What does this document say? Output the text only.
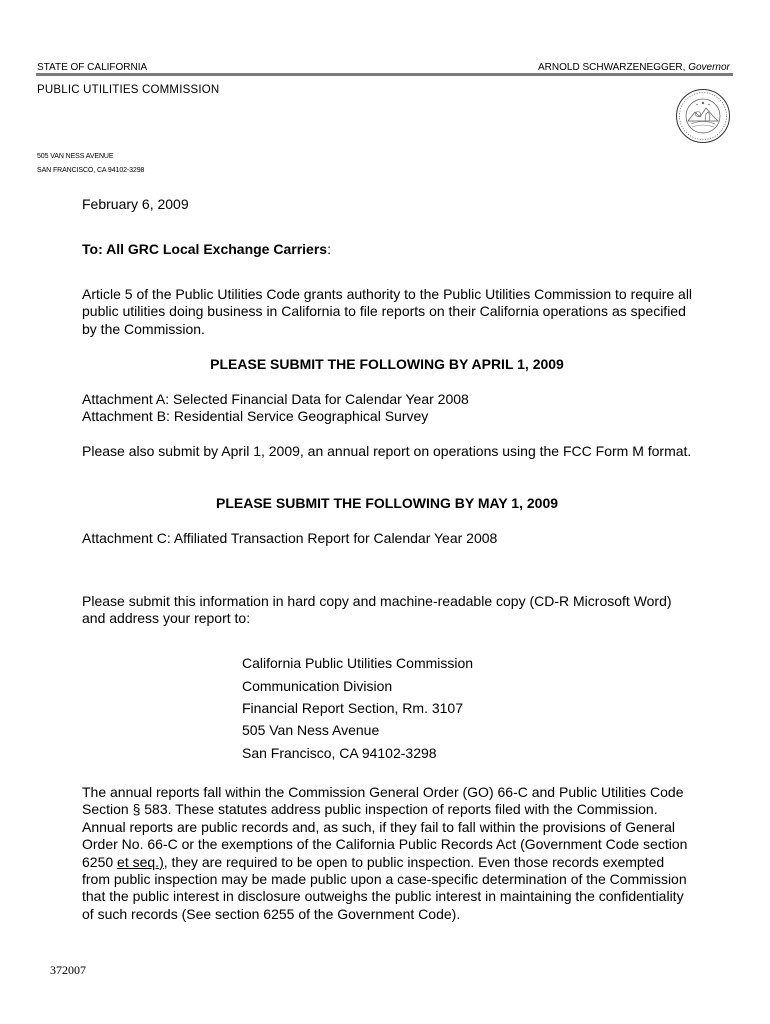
STATE OF CALIFORNIA	ARNOLD SCHWARZENEGGER, Governor
PUBLIC UTILITIES COMMISSION
505 VAN NESS AVENUE
SAN FRANCISCO, CA 94102-3298
February 6, 2009
To: All GRC Local Exchange Carriers:

Article 5 of the Public Utilities Code grants authority to the Public Utilities Commission to require all public utilities doing business in California to file reports on their California operations as specified by the Commission.

PLEASE SUBMIT THE FOLLOWING BY APRIL 1, 2009
Attachment A: Selected Financial Data for Calendar Year 2008
Attachment B: Residential Service Geographical Survey

Please also submit by April 1, 2009, an annual report on operations using the FCC Form M format.

PLEASE SUBMIT THE FOLLOWING BY MAY 1, 2009
Attachment C: Affiliated Transaction Report for Calendar Year 2008

Please submit this information in hard copy and machine-readable copy (CD-R Microsoft Word) and address your report to:

California Public Utilities Commission
Communication Division
Financial Report Section, Rm. 3107
505 Van Ness Avenue
San Francisco, CA 94102-3298

The annual reports fall within the Commission General Order (GO) 66-C and Public Utilities Code Section § 583. These statutes address public inspection of reports filed with the Commission. Annual reports are public records and, as such, if they fail to fall within the provisions of General Order No. 66-C or the exemptions of the California Public Records Act (Government Code section 6250 et seq.), they are required to be open to public inspection. Even those records exempted from public inspection may be made public upon a case-specific determination of the Commission that the public interest in disclosure outweighs the public interest in maintaining the confidentiality of such records (See section 6255 of the Government Code).

372007
